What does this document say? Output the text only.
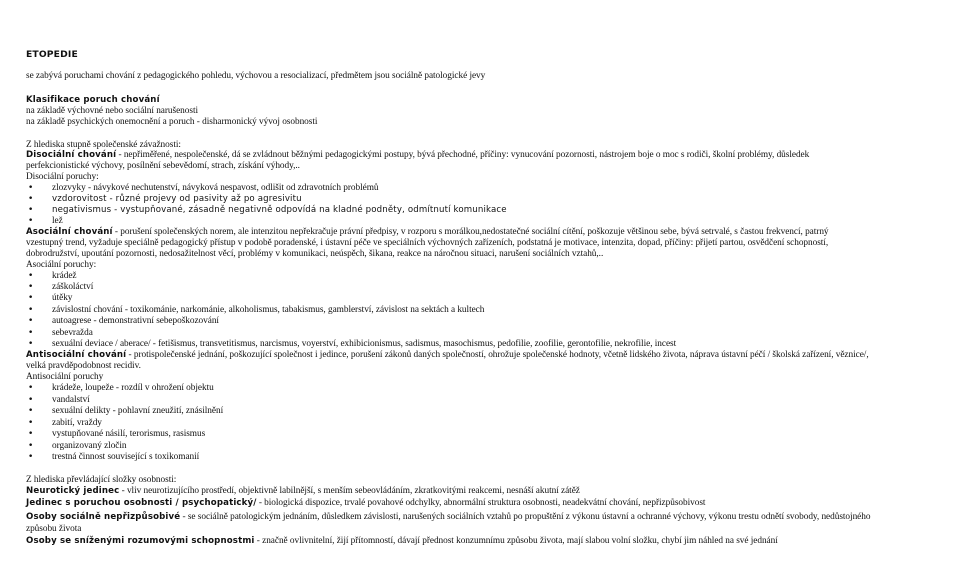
ETOPEDIE
se zabývá poruchami chování z pedagogického pohledu, výchovou a resocializací, předmětem jsou sociálně patologické jevy
Klasifikace poruch chování
na základě výchovné nebo sociální narušenosti
na základě psychických onemocnění a poruch - disharmonický vývoj osobnosti
Z hlediska stupně společenské závažnosti:
Disociální chování - nepřiměřené, nespolečenské, dá se zvládnout běžnými pedagogickými postupy, bývá přechodné, příčiny: vynucování pozornosti, nástrojem boje o moc s rodiči, školní problémy, důsledek
perfekcionistické výchovy, posílnění sebevědomí, strach, získání výhody,..
Disociální poruchy:
• zlozvyky - návykové nechutenství, návyková nespavost, odlišit od zdravotních problémů
• vzdorovitost - různé projevy od pasivity až po agresivitu
• negativismus - vystupňované, zásadně negativně odpovídá na kladné podněty, odmítnutí komunikace
• lež
Asociální chování - porušení společenských norem, ale intenzitou nepřekračuje právní předpisy, v rozporu s morálkou,nedostatečné sociální cítění, poškozuje většinou sebe, bývá setrvalé, s častou frekvencí, patrný
vzestupný trend, vyžaduje speciálně pedagogický přístup v podobě poradenské, i ústavní péče ve speciálních výchovných zařízeních, podstatná je motivace, intenzita, dopad, příčiny: přijetí partou, osvědčení schopností,
dobrodružství, upoutání pozornosti, nedosažitelnost věcí, problémy v komunikaci, neúspěch, šikana, reakce na náročnou situaci, narušení sociálních vztahů,..
Asociální poruchy:
• krádež
• záškoláctví
• útěky
• závislostní chování - toxikománie, narkománie, alkoholismus, tabakismus, gamblerství, závislost na sektách a kultech
• autoagrese - demonstrativní sebepoškozování
• sebevražda
• sexuální deviace / aberace/ - fetišismus, transvetitismus, narcismus, voyerství, exhibicionismus, sadismus, masochismus, pedofilie, zoofilie, gerontofilie, nekrofilie, incest
Antisociální chování - protispolečenské jednání, poškozující společnost i jedince, porušení zákonů daných společností, ohrožuje společenské hodnoty, včetně lidského života, náprava ústavní péčí / školská zařízení, věznice/,
velká pravděpodobnost recidiv.
Antisociální poruchy
• krádeže, loupeže - rozdíl v ohrožení objektu
• vandalství
• sexuální delikty - pohlavní zneužití, znásilnění
• zabití, vraždy
• vystupňované násilí, terorismus, rasismus
• organizovaný zločin
• trestná činnost související s toxikomanií
Z hlediska převládající složky osobnosti:
Neurotický jedinec - vliv neurotizujícího prostředí, objektivně labilnější, s menším sebeovládáním, zkratkovitými reakcemi, nesnáší akutní zátěž
Jedinec s poruchou osobnosti / psychopatický/ - biologická dispozice, trvalé povahové odchylky, abnormální struktura osobnosti, neadekvátní chování, nepřizpůsobivost
Osoby sociálně nepřizpůsobivé - se sociálně patologickým jednáním, důsledkem závislosti, narušených sociálních vztahů po propuštění z výkonu ústavní a ochranné výchovy, výkonu trestu odnětí svobody, nedůstojného
způsobu života
Osoby se sníženými rozumovými schopnostmi - značně ovlivnitelní, žijí přítomností, dávají přednost konzumnímu způsobu života, mají slabou volní složku, chybí jim náhled na své jednání
